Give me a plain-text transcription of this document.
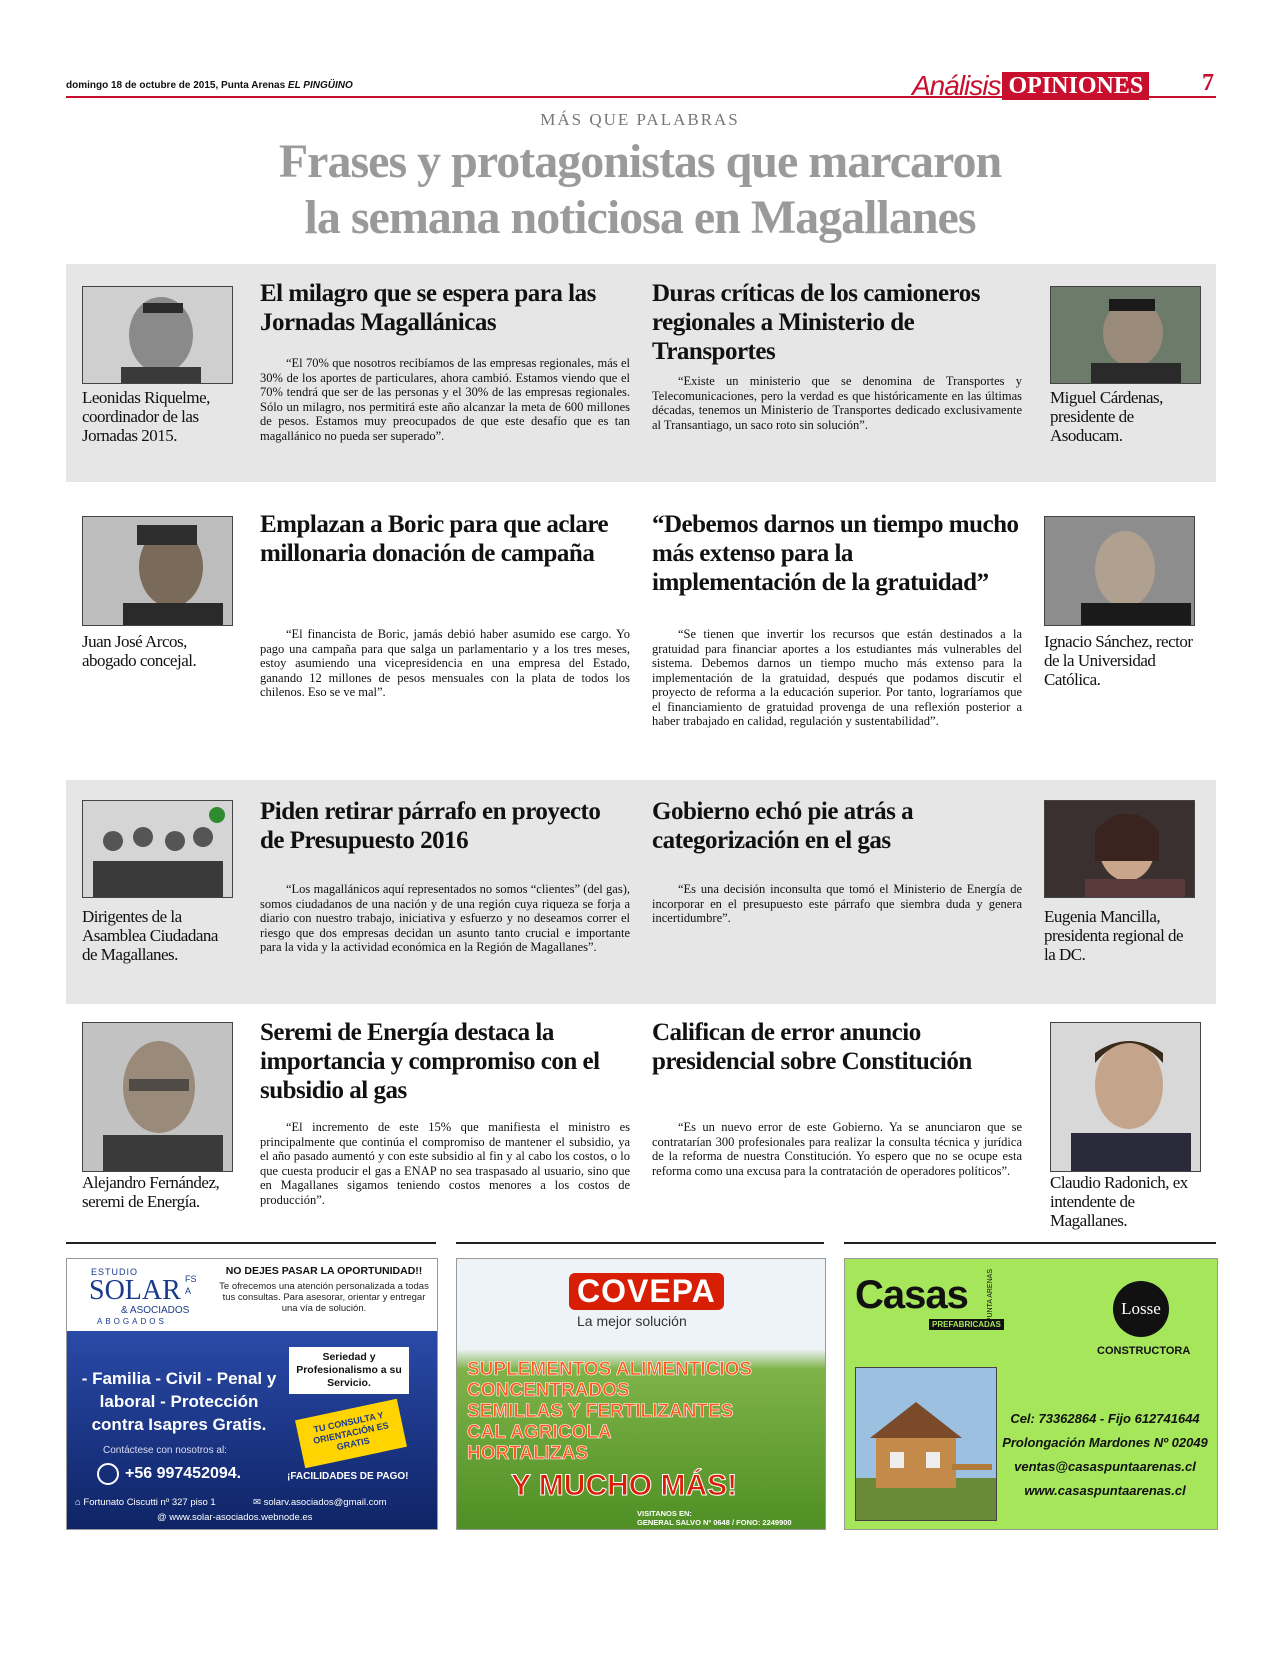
domingo 18 de octubre de 2015, Punta Arenas EL PINGÜINO	Análisis OPINIONES 7
MÁS QUE PALABRAS
Frases y protagonistas que marcaron
la semana noticiosa en Magallanes
Leonidas Riquelme, coordinador de las Jornadas 2015.
El milagro que se espera para las Jornadas Magallánicas
“El 70% que nosotros recibíamos de las empresas regionales, más el 30% de los aportes de particulares, ahora cambió. Estamos viendo que el 70% tendrá que ser de las personas y el 30% de las empresas regionales. Sólo un milagro, nos permitirá este año alcanzar la meta de 600 millones de pesos. Estamos muy preocupados de que este desafío que es tan magallánico no pueda ser superado”.
Duras críticas de los camioneros regionales a Ministerio de Transportes
“Existe un ministerio que se denomina de Transportes y Telecomunicaciones, pero la verdad es que históricamente en las últimas décadas, tenemos un Ministerio de Transportes dedicado exclusivamente al Transantiago, un saco roto sin solución”.
Miguel Cárdenas, presidente de Asoducam.
Juan José Arcos, abogado concejal.
Emplazan a Boric para que aclare millonaria donación de campaña
“El financista de Boric, jamás debió haber asumido ese cargo. Yo pago una campaña para que salga un parlamentario y a los tres meses, estoy asumiendo una vicepresidencia en una empresa del Estado, ganando 12 millones de pesos mensuales con la plata de todos los chilenos. Eso se ve mal”.
“Debemos darnos un tiempo mucho más extenso para la implementación de la gratuidad”
“Se tienen que invertir los recursos que están destinados a la gratuidad para financiar aportes a los estudiantes más vulnerables del sistema. Debemos darnos un tiempo mucho más extenso para la implementación de la gratuidad, después que podamos discutir el proyecto de reforma a la educación superior. Por tanto, lograríamos que el financiamiento de gratuidad provenga de una reflexión posterior a haber trabajado en calidad, regulación y sustentabilidad”.
Ignacio Sánchez, rector de la Universidad Católica.
Dirigentes de la Asamblea Ciudadana de Magallanes.
Piden retirar párrafo en proyecto de Presupuesto 2016
“Los magallánicos aquí representados no somos “clientes” (del gas), somos ciudadanos de una nación y de una región cuya riqueza se forja a diario con nuestro trabajo, iniciativa y esfuerzo y no deseamos correr el riesgo que dos empresas decidan un asunto tanto crucial e importante para la vida y la actividad económica en la Región de Magallanes”.
Gobierno echó pie atrás a categorización en el gas
“Es una decisión inconsulta que tomó el Ministerio de Energía de incorporar en el presupuesto este párrafo que siembra duda y genera incertidumbre”.	Eugenia Mancilla, presidenta regional de la DC.
Alejandro Fernández, seremi de Energía.
Seremi de Energía destaca la importancia y compromiso con el subsidio al gas
“El incremento de este 15% que manifiesta el ministro es principalmente que continúa el compromiso de mantener el subsidio, ya el año pasado aumentó y con este subsidio al fin y al cabo los costos, o lo que cuesta producir el gas a ENAP no sea traspasado al usuario, sino que en Magallanes sigamos teniendo costos menores a los costos de producción”.
Califican de error anuncio presidencial sobre Constitución
“Es un nuevo error de este Gobierno. Ya se anunciaron que se contratarían 300 profesionales para realizar la consulta técnica y jurídica de la reforma de nuestra Constitución. Yo espero que no se ocupe esta reforma como una excusa para la contratación de operadores políticos”.
Claudio Radonich, ex intendente de Magallanes.
ESTUDIO
SOLAR
& ASOCIADOS
ABOGADOS
FSA
NO DEJES PASAR LA OPORTUNIDAD!!
Te ofrecemos una atención personalizada a todas tus consultas. Para asesorar, orientar y entregar una vía de solución.
- Familia - Civil - Penal y laboral - Protección contra Isapres Gratis.
Seriedad y Profesionalismo a su Servicio.
TU CONSULTA Y ORIENTACIÓN ES GRATIS
Contáctese con nosotros al:
+56 997452094.	¡FACILIDADES DE PAGO!
⌂ Fortunato Ciscutti nº 327 piso 1	✉ solarv.asociados@gmail.com
@ www.solar-asociados.webnode.es
COVEPA
La mejor solución
SUPLEMENTOS ALIMENTICIOS
CONCENTRADOS
SEMILLAS Y FERTILIZANTES
CAL AGRICOLA
HORTALIZAS
Y MUCHO MÁS!
VISITANOS EN:
GENERAL SALVO Nº 0648 / FONO: 2249900
Casas
PREFABRICADAS
PUNTA ARENAS	Losse
CONSTRUCTORA
Cel: 73362864 - Fijo 612741644
Prolongación Mardones Nº 02049
ventas@casaspuntaarenas.cl
www.casaspuntaarenas.cl
